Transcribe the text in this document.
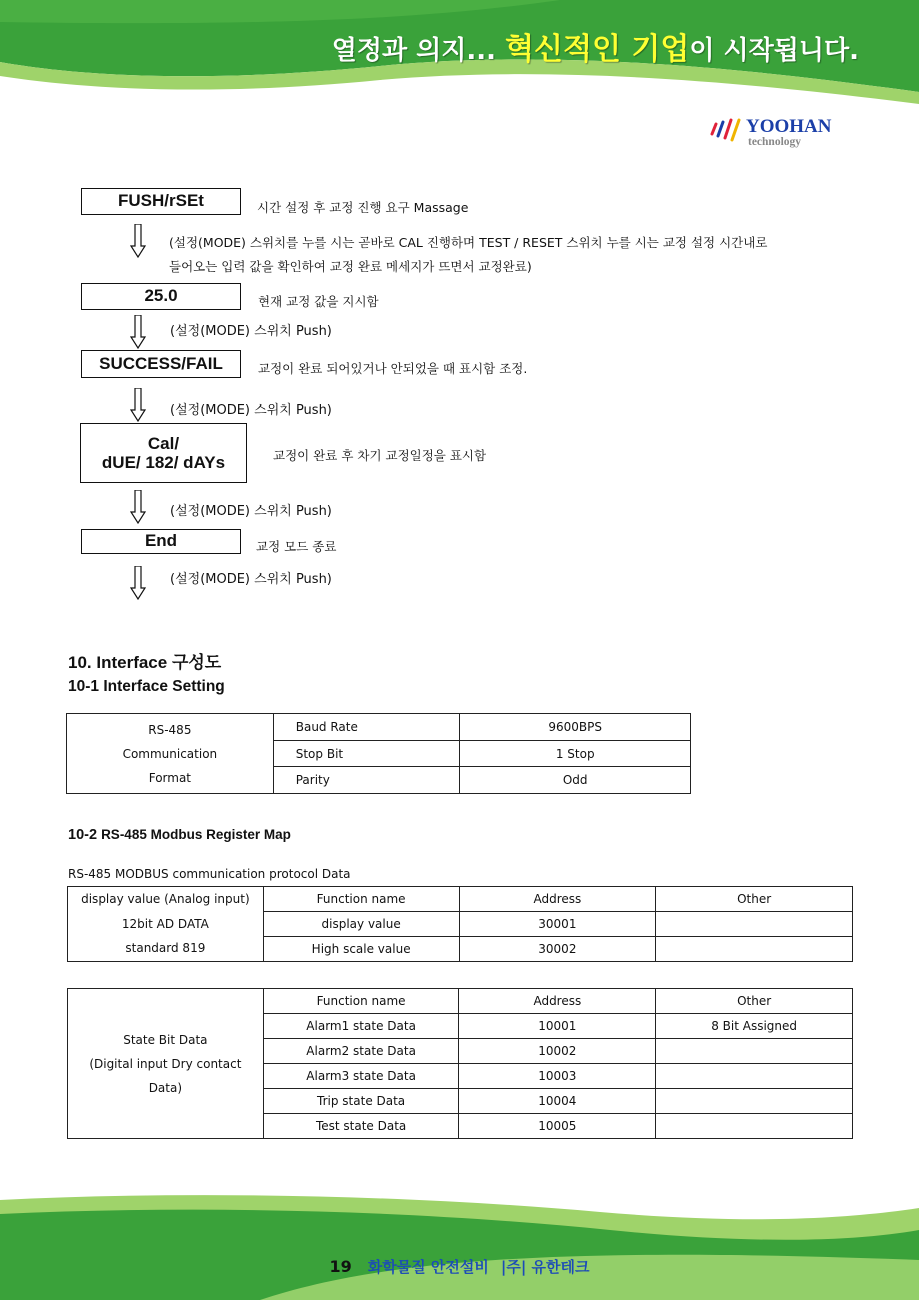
열정과 의지... 혁신적인 기업이 시작됩니다.
YOOHAN
technology
FUSH/rSEt	시간 설정 후 교정 진행 요구 Massage
(설정(MODE) 스위치를 누를 시는 곧바로 CAL 진행하며 TEST / RESET 스위치 누를 시는 교정 설정 시간내로
들어오는 입력 값을 확인하여 교정 완료 메세지가 뜨면서 교정완료)
25.0	현재 교정 값을 지시함
(설정(MODE) 스위치 Push)
SUCCESS/FAIL	교정이 완료 되어있거나 안되었을 때 표시함 조정.
(설정(MODE) 스위치 Push)
Cal/
dUE/ 182/ dAYs	교정이 완료 후 차기 교정일정을 표시함
(설정(MODE) 스위치 Push)
End	교정 모드 종료
(설정(MODE) 스위치 Push)
10. Interface 구성도
10-1 Interface Setting
RS-485
Communication
Format	Baud Rate	9600BPS
	Stop Bit	1 Stop
	Parity	Odd
10-2 RS-485 Modbus Register Map
RS-485 MODBUS communication protocol Data
display value (Analog input)
12bit AD DATA
standard 819	Function name	Address	Other
	display value	30001	
	High scale value	30002	
State Bit Data
(Digital input Dry contact
Data)	Function name	Address	Other
	Alarm1 state Data	10001	8 Bit Assigned
	Alarm2 state Data	10002	
	Alarm3 state Data	10003	
	Trip state Data	10004	
	Test state Data	10005	
19 화학물질 안전설비 |주| 유한테크
